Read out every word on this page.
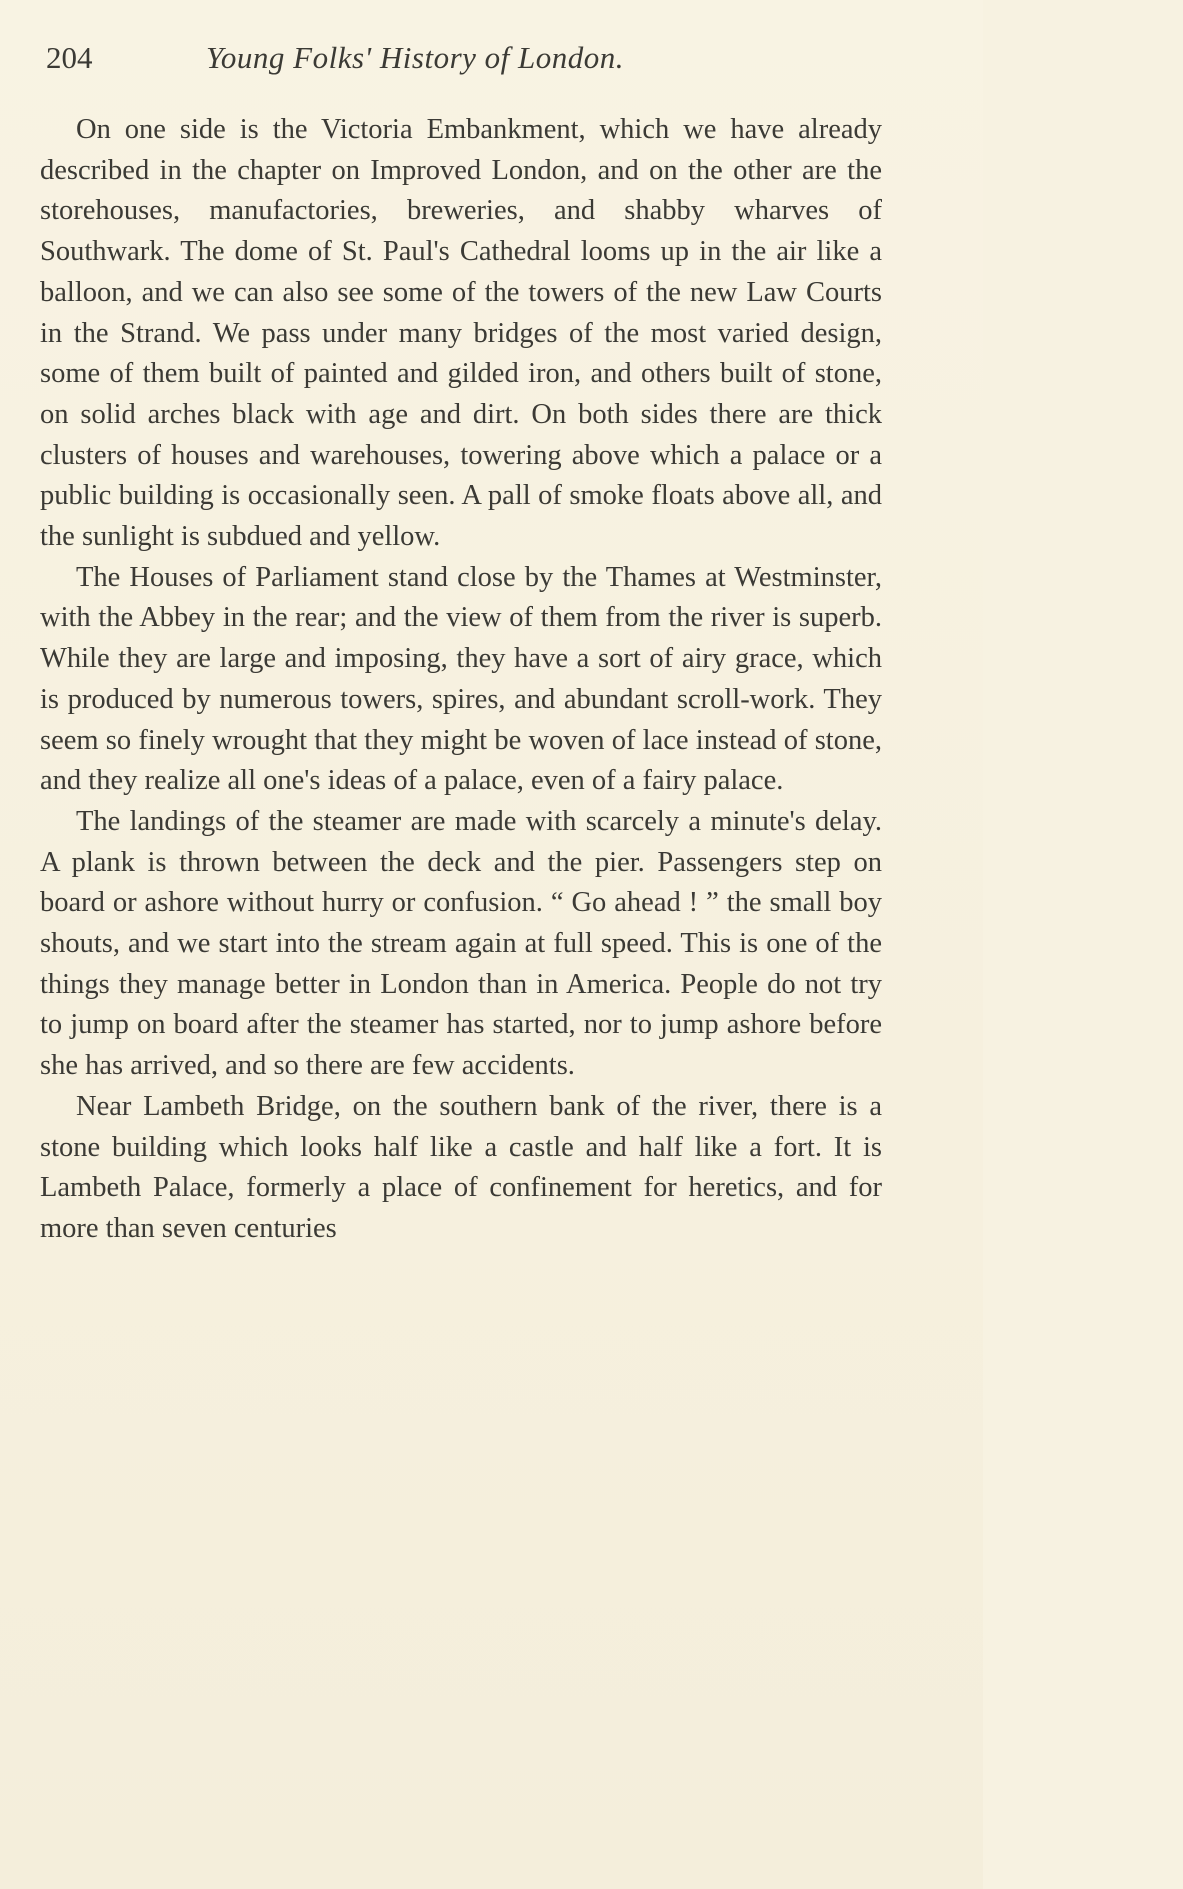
204	Young Folks' History of London.

On one side is the Victoria Embankment, which we have already described in the chapter on Improved London, and on the other are the storehouses, manufactories, breweries, and shabby wharves of Southwark. The dome of St. Paul's Cathedral looms up in the air like a balloon, and we can also see some of the towers of the new Law Courts in the Strand. We pass under many bridges of the most varied design, some of them built of painted and gilded iron, and others built of stone, on solid arches black with age and dirt. On both sides there are thick clusters of houses and warehouses, towering above which a palace or a public building is occasionally seen. A pall of smoke floats above all, and the sunlight is subdued and yellow.

The Houses of Parliament stand close by the Thames at Westminster, with the Abbey in the rear; and the view of them from the river is superb. While they are large and imposing, they have a sort of airy grace, which is produced by numerous towers, spires, and abundant scroll-work. They seem so finely wrought that they might be woven of lace instead of stone, and they realize all one's ideas of a palace, even of a fairy palace.

The landings of the steamer are made with scarcely a minute's delay. A plank is thrown between the deck and the pier. Passengers step on board or ashore without hurry or confusion. “ Go ahead ! ” the small boy shouts, and we start into the stream again at full speed. This is one of the things they manage better in London than in America. People do not try to jump on board after the steamer has started, nor to jump ashore before she has arrived, and so there are few accidents.

Near Lambeth Bridge, on the southern bank of the river, there is a stone building which looks half like a castle and half like a fort. It is Lambeth Palace, formerly a place of confinement for heretics, and for more than seven centuries
